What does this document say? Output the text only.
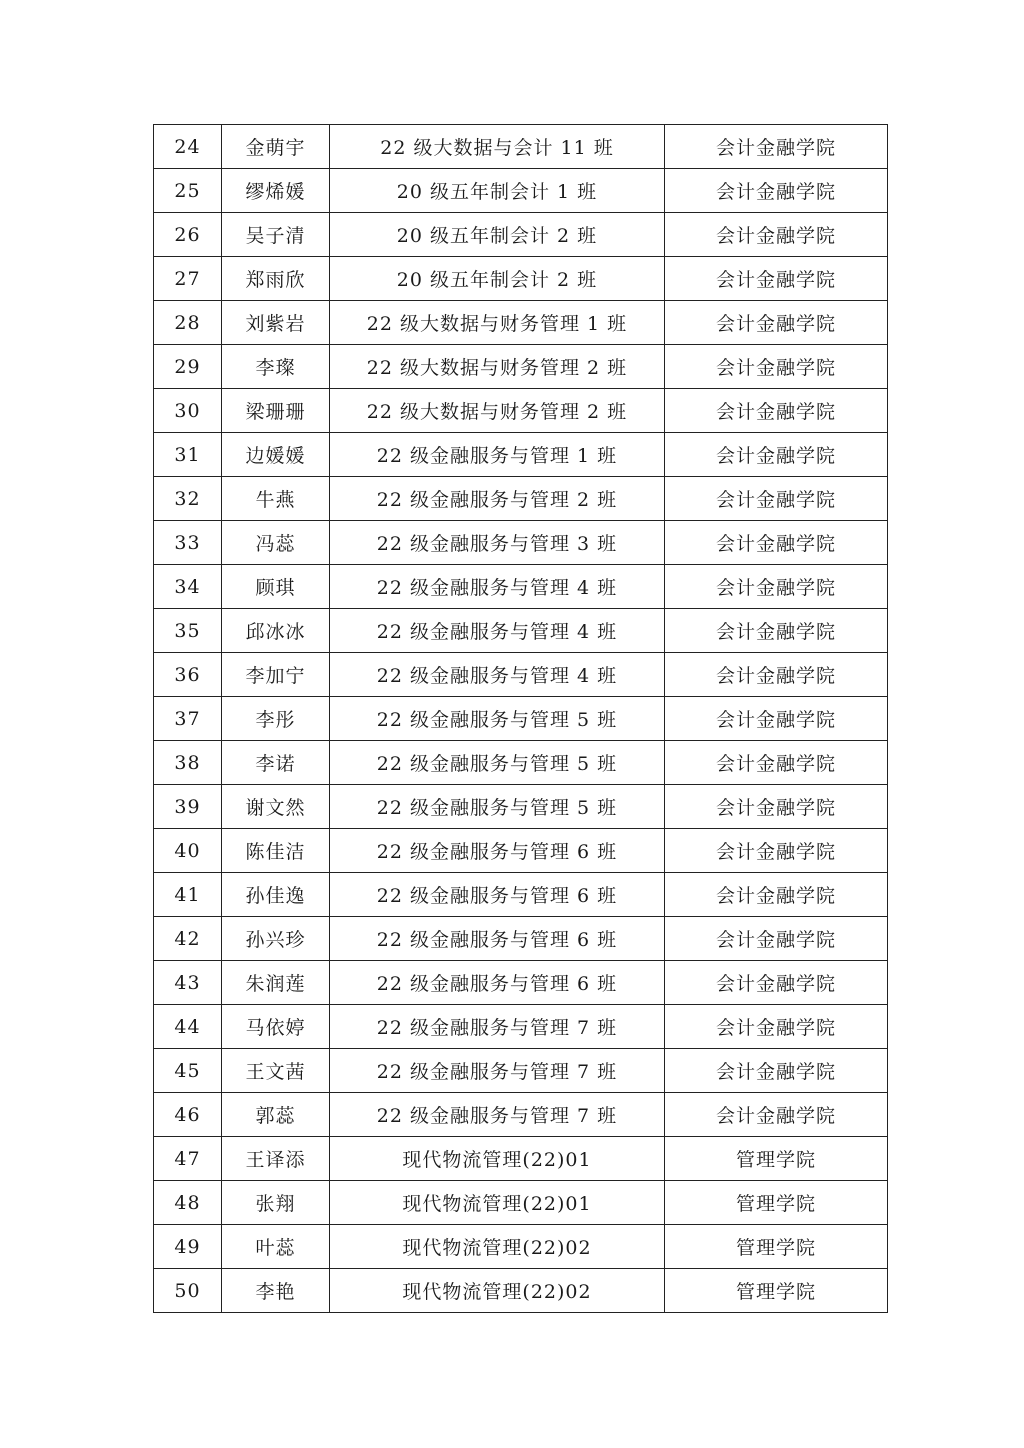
24	金萌宇	22 级大数据与会计 11 班	会计金融学院
25	缪烯媛	20 级五年制会计 1 班	会计金融学院
26	吴子清	20 级五年制会计 2 班	会计金融学院
27	郑雨欣	20 级五年制会计 2 班	会计金融学院
28	刘紫岩	22 级大数据与财务管理 1 班	会计金融学院
29	李璨	22 级大数据与财务管理 2 班	会计金融学院
30	梁珊珊	22 级大数据与财务管理 2 班	会计金融学院
31	边媛媛	22 级金融服务与管理 1 班	会计金融学院
32	牛燕	22 级金融服务与管理 2 班	会计金融学院
33	冯蕊	22 级金融服务与管理 3 班	会计金融学院
34	顾琪	22 级金融服务与管理 4 班	会计金融学院
35	邱冰冰	22 级金融服务与管理 4 班	会计金融学院
36	李加宁	22 级金融服务与管理 4 班	会计金融学院
37	李彤	22 级金融服务与管理 5 班	会计金融学院
38	李诺	22 级金融服务与管理 5 班	会计金融学院
39	谢文然	22 级金融服务与管理 5 班	会计金融学院
40	陈佳洁	22 级金融服务与管理 6 班	会计金融学院
41	孙佳逸	22 级金融服务与管理 6 班	会计金融学院
42	孙兴珍	22 级金融服务与管理 6 班	会计金融学院
43	朱润莲	22 级金融服务与管理 6 班	会计金融学院
44	马依婷	22 级金融服务与管理 7 班	会计金融学院
45	王文茜	22 级金融服务与管理 7 班	会计金融学院
46	郭蕊	22 级金融服务与管理 7 班	会计金融学院
47	王译添	现代物流管理(22)01	管理学院
48	张翔	现代物流管理(22)01	管理学院
49	叶蕊	现代物流管理(22)02	管理学院
50	李艳	现代物流管理(22)02	管理学院
